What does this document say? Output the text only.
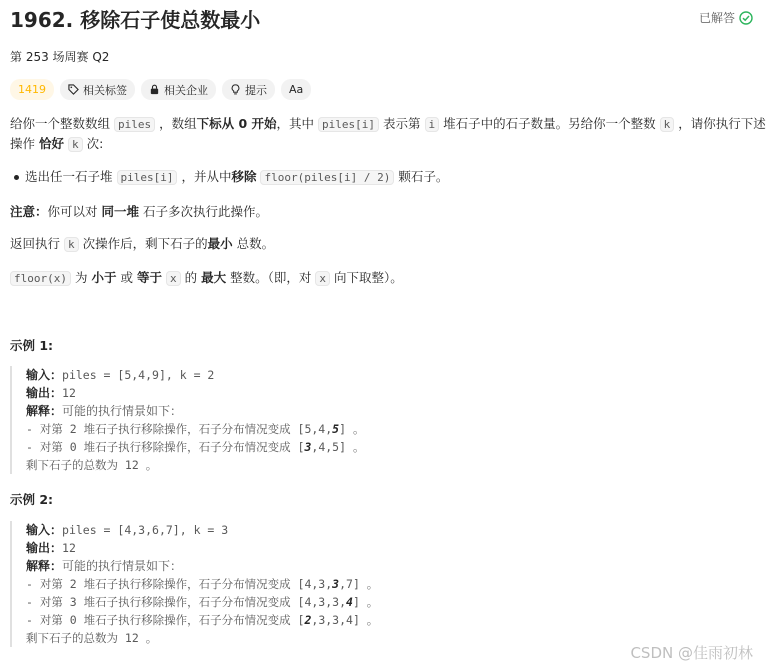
1962. 移除石子使总数最小	已解答
第 253 场周赛 Q2
1419	相关标签	相关企业	提示 Aa
给你一个整数数组 piles ，数组下标从 0 开始，其中 piles[i] 表示第 i 堆石子中的石子数量。另给你一个整数 k ，请你执行下述
操作 恰好 k 次:
选出任一石子堆 piles[i] ，并从中移除 floor(piles[i] / 2) 颗石子。
注意：你可以对 同一堆 石子多次执行此操作。
返回执行 k 次操作后，剩下石子的最小 总数。
floor(x) 为 小于 或 等于 x 的 最大 整数。（即，对 x 向下取整）。
示例 1:
输入：piles = [5,4,9], k = 2
输出：12
解释：可能的执行情景如下：
- 对第 2 堆石子执行移除操作，石子分布情况变成 [5,4,5] 。
- 对第 0 堆石子执行移除操作，石子分布情况变成 [3,4,5] 。
剩下石子的总数为 12 。
示例 2:
输入：piles = [4,3,6,7], k = 3
输出：12
解释：可能的执行情景如下：
- 对第 2 堆石子执行移除操作，石子分布情况变成 [4,3,3,7] 。
- 对第 3 堆石子执行移除操作，石子分布情况变成 [4,3,3,4] 。
- 对第 0 堆石子执行移除操作，石子分布情况变成 [2,3,3,4] 。
剩下石子的总数为 12 。
CSDN @佳雨初林
